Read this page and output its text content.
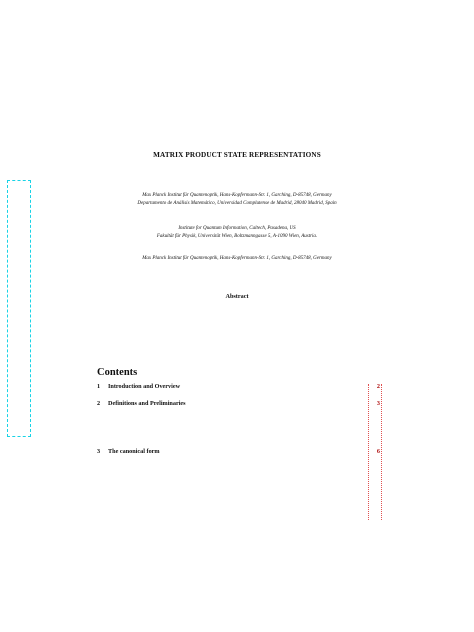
MATRIX PRODUCT STATE REPRESENTATIONS
Max Planck Institut für Quantenoptik, Hans-Kopfermann-Str. 1, Garching, D-85748, Germany
Departamento de Análisis Matemático, Universidad Complutense de Madrid, 28040 Madrid, Spain
Institute for Quantum Information, Caltech, Pasadena, US
Fakultät für Physik, Universität Wien, Boltzmanngasse 5, A-1090 Wien, Austria.
Max Planck Institut für Quantenoptik, Hans-Kopfermann-Str. 1, Garching, D-85748, Germany
Abstract
Contents
1 Introduction and Overview	2
2 Definitions and Preliminaries	3
3 The canonical form	6
